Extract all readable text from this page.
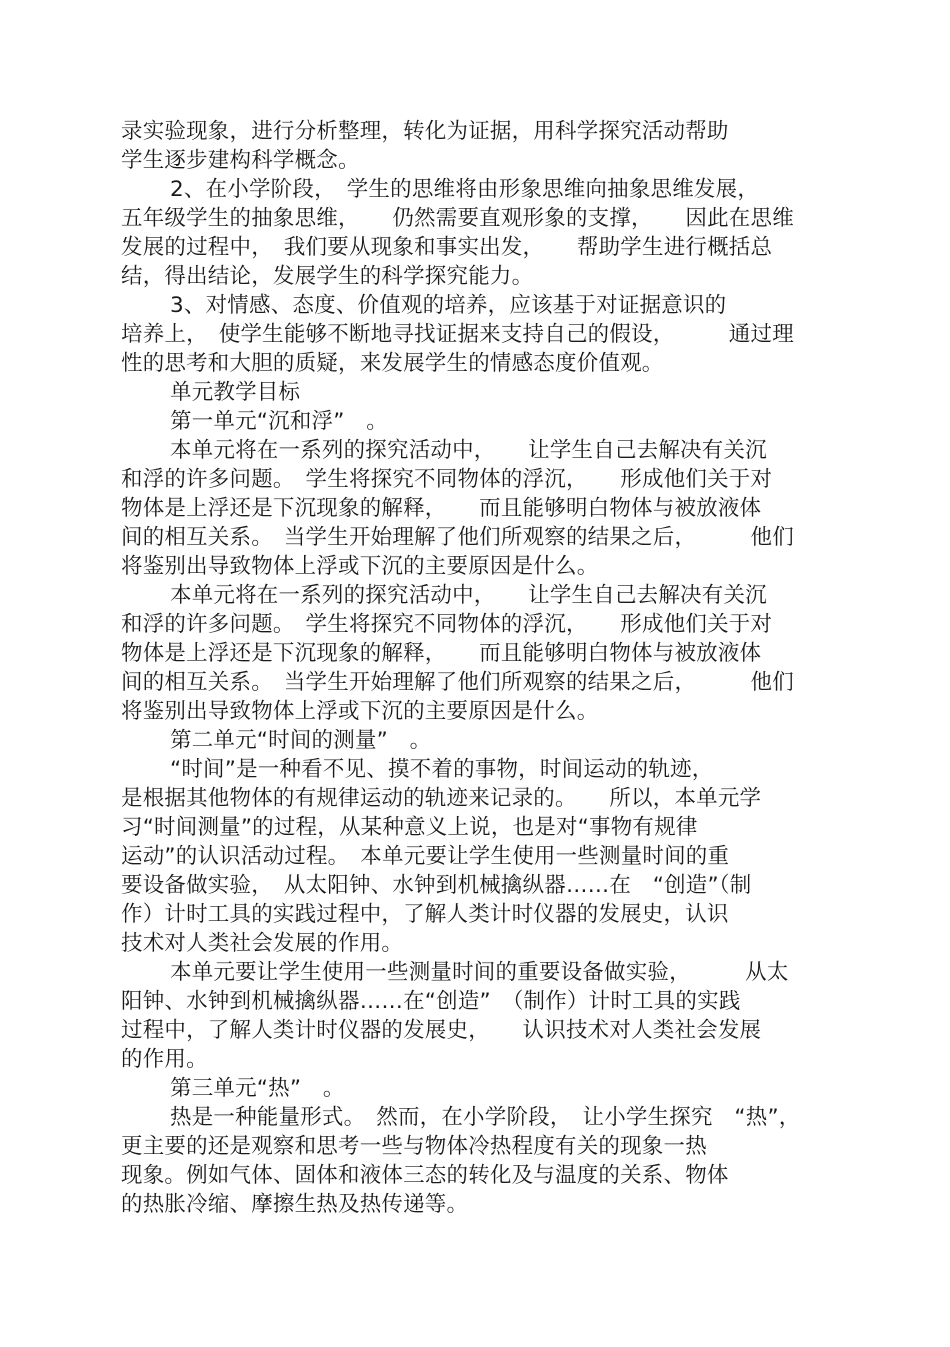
录实验现象，进行分析整理，转化为证据，用科学探究活动帮助
学生逐步建构科学概念。
2、在小学阶段，　学生的思维将由形象思维向抽象思维发展，
五年级学生的抽象思维，　　仍然需要直观形象的支撑，　　因此在思维
发展的过程中，　我们要从现象和事实出发，　　帮助学生进行概括总
结，得出结论，发展学生的科学探究能力。
3、对情感、态度、价值观的培养，应该基于对证据意识的
培养上，　使学生能够不断地寻找证据来支持自己的假设，　　　通过理
性的思考和大胆的质疑，来发展学生的情感态度价值观。
单元教学目标
第一单元“沉和浮”　。
本单元将在一系列的探究活动中，　　让学生自己去解决有关沉
和浮的许多问题。　学生将探究不同物体的浮沉，　　形成他们关于对
物体是上浮还是下沉现象的解释，　　而且能够明白物体与被放液体
间的相互关系。　当学生开始理解了他们所观察的结果之后，　　　他们
将鉴别出导致物体上浮或下沉的主要原因是什么。
本单元将在一系列的探究活动中，　　让学生自己去解决有关沉
和浮的许多问题。　学生将探究不同物体的浮沉，　　形成他们关于对
物体是上浮还是下沉现象的解释，　　而且能够明白物体与被放液体
间的相互关系。　当学生开始理解了他们所观察的结果之后，　　　他们
将鉴别出导致物体上浮或下沉的主要原因是什么。
第二单元“时间的测量”　。
“时间”是一种看不见、摸不着的事物，时间运动的轨迹，
是根据其他物体的有规律运动的轨迹来记录的。　　所以，本单元学
习“时间测量”的过程，从某种意义上说，也是对“事物有规律
运动”的认识活动过程。　本单元要让学生使用一些测量时间的重
要设备做实验，　从太阳钟、水钟到机械擒纵器……在　“创造”（制
作）计时工具的实践过程中，了解人类计时仪器的发展史，认识
技术对人类社会发展的作用。
本单元要让学生使用一些测量时间的重要设备做实验，　　　从太
阳钟、水钟到机械擒纵器……在“创造”　（制作）计时工具的实践
过程中，了解人类计时仪器的发展史，　　认识技术对人类社会发展
的作用。
第三单元“热”　。
热是一种能量形式。　然而，在小学阶段，　让小学生探究　“热”，
更主要的还是观察和思考一些与物体冷热程度有关的现象一热
现象。例如气体、固体和液体三态的转化及与温度的关系、物体
的热胀冷缩、摩擦生热及热传递等。
